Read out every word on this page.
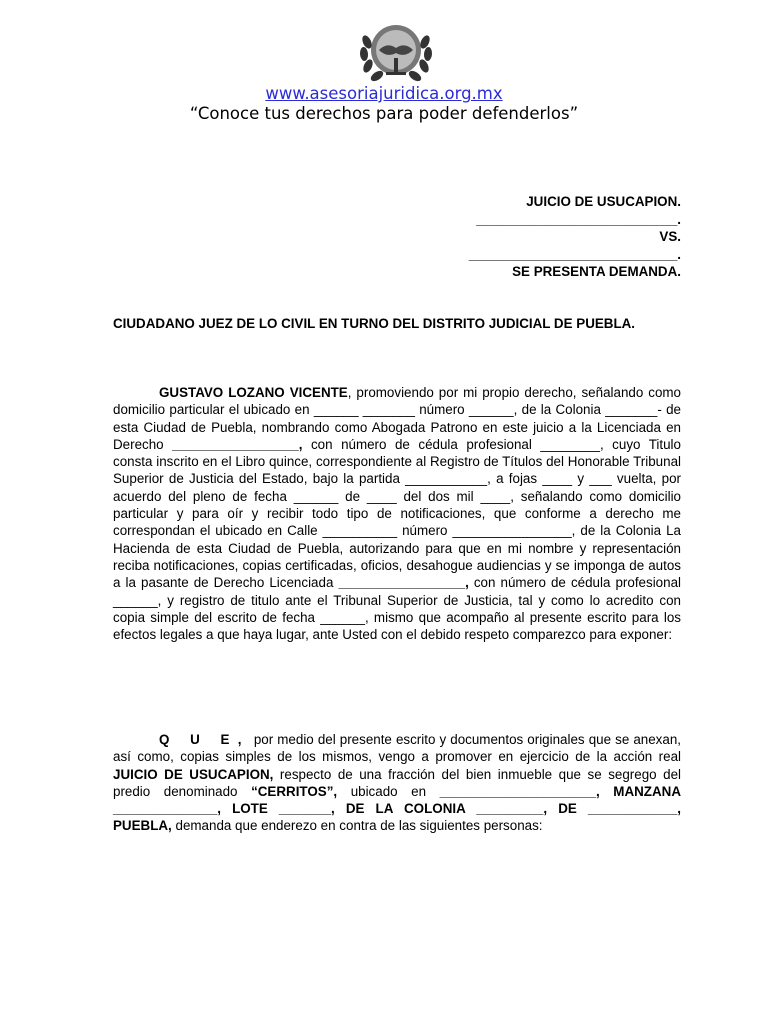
www.asesoriajuridica.org.mx
“Conoce tus derechos para poder defenderlos”
JUICIO DE USUCAPION.
___________________________.
VS.
____________________________.
SE PRESENTA DEMANDA.
CIUDADANO JUEZ DE LO CIVIL EN TURNO DEL DISTRITO JUDICIAL DE PUEBLA.
GUSTAVO LOZANO VICENTE, promoviendo por mi propio derecho, señalando como domicilio particular el ubicado en ______ _______ número ______, de la Colonia _______- de esta Ciudad de Puebla, nombrando como Abogada Patrono en este juicio a la Licenciada en Derecho _________________, con número de cédula profesional ________, cuyo Titulo consta inscrito en el Libro quince, correspondiente al Registro de Títulos del Honorable Tribunal Superior de Justicia del Estado, bajo la partida ___________, a fojas ____ y ___ vuelta, por acuerdo del pleno de fecha ______ de ____ del dos mil ____, señalando como domicilio particular y para oír y recibir todo tipo de notificaciones, que conforme a derecho me correspondan el ubicado en Calle __________ número ________________, de la Colonia La Hacienda de esta Ciudad de Puebla, autorizando para que en mi nombre y representación reciba notificaciones, copias certificadas, oficios, desahogue audiencias y se imponga de autos a la pasante de Derecho Licenciada _________________, con número de cédula profesional ______, y registro de titulo ante el Tribunal Superior de Justicia, tal y como lo acredito con copia simple del escrito de fecha ______, mismo que acompaño al presente escrito para los efectos legales a que haya lugar, ante Usted con el debido respeto comparezco para exponer:
Q U E, por medio del presente escrito y documentos originales que se anexan, así como, copias simples de los mismos, vengo a promover en ejercicio de la acción real JUICIO DE USUCAPION, respecto de una fracción del bien inmueble que se segrego del predio denominado “CERRITOS”, ubicado en _____________________, MANZANA ______________, LOTE _______, DE LA COLONIA _________, DE ____________, PUEBLA, demanda que enderezo en contra de las siguientes personas:
